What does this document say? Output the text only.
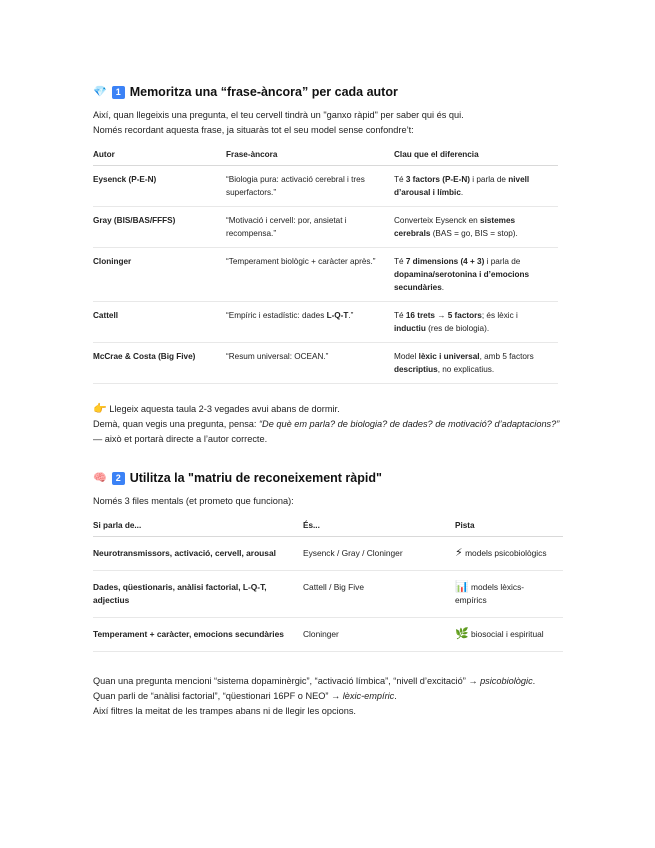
💎 1 Memoritza una “frase-àncora” per cada autor

Així, quan llegeixis una pregunta, el teu cervell tindrà un "ganxo ràpid" per saber qui és qui.

Només recordant aquesta frase, ja situaràs tot el seu model sense confondre’t:

Autor	Frase-àncora	Clau que el diferencia
Eysenck (P-E-N)	“Biologia pura: activació cerebral i tres superfactors.”	Té 3 factors (P-E-N) i parla de nivell d’arousal i límbic.
Gray (BIS/BAS/FFFS)	“Motivació i cervell: por, ansietat i recompensa.”	Converteix Eysenck en sistemes cerebrals (BAS = go, BIS = stop).
Cloninger	“Temperament biològic + caràcter après.”	Té 7 dimensions (4 + 3) i parla de dopamina/serotonina i d’emocions secundàries.
Cattell	“Empíric i estadístic: dades L-Q-T.”	Té 16 trets → 5 factors; és lèxic i inductiu (res de biologia).
McCrae & Costa (Big Five)	“Resum universal: OCEAN.”	Model lèxic i universal, amb 5 factors descriptius, no explicatius.

👉 Llegeix aquesta taula 2-3 vegades avui abans de dormir.

Demà, quan vegis una pregunta, pensa: “De què em parla? de biologia? de dades? de motivació? d’adaptacions?” — això et portarà directe a l’autor correcte.

🧠 2 Utilitza la "matriu de reconeixement ràpid"

Només 3 files mentals (et prometo que funciona):

Si parla de...	És...	Pista
Neurotransmissors, activació, cervell, arousal	Eysenck / Gray / Cloninger	⚡ models psicobiològics
Dades, qüestionaris, anàlisi factorial, L-Q-T, adjectius	Cattell / Big Five	📊 models lèxics-empírics
Temperament + caràcter, emocions secundàries	Cloninger	🌿 biosocial i espiritual

Quan una pregunta mencioni “sistema dopaminèrgic”, “activació límbica”, “nivell d’excitació” → psicobiològic.

Quan parli de “anàlisi factorial”, “qüestionari 16PF o NEO” → lèxic-empíric.

Així filtres la meitat de les trampes abans ni de llegir les opcions.
